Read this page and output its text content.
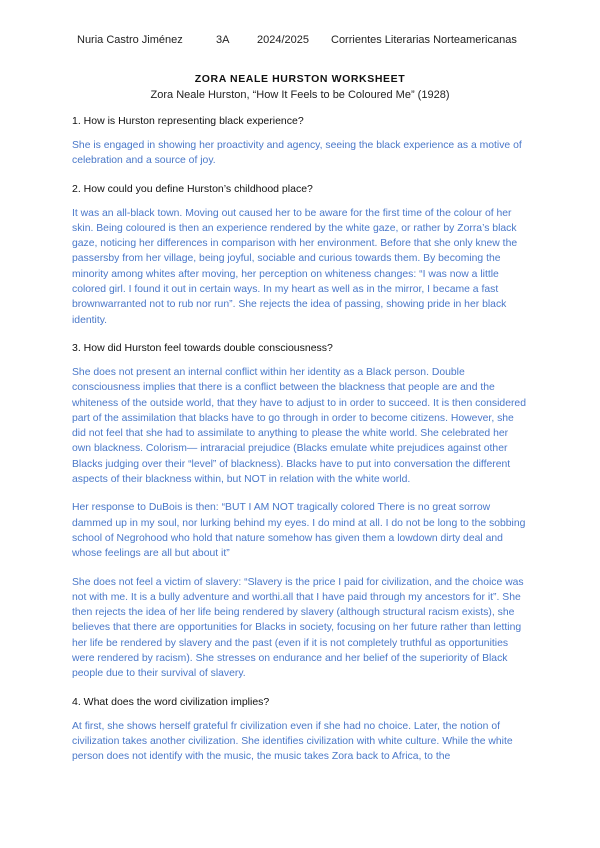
Nuria Castro Jiménez	3A	2024/2025 Corrientes Literarias Norteamericanas
ZORA NEALE HURSTON WORKSHEET
Zora Neale Hurston, “How It Feels to be Coloured Me” (1928)

1. How is Hurston representing black experience?

She is engaged in showing her proactivity and agency, seeing the black experience as a motive of celebration and a source of joy.

2. How could you define Hurston’s childhood place?

It was an all-black town. Moving out caused her to be aware for the first time of the colour of her skin. Being coloured is then an experience rendered by the white gaze, or rather by Zorra’s black gaze, noticing her differences in comparison with her environment. Before that she only knew the passersby from her village, being joyful, sociable and curious towards them. By becoming the minority among whites after moving, her perception on whiteness changes: “I was now a little colored girl. I found it out in certain ways. In my heart as well as in the mirror, I became a fast brownwarranted not to rub nor run”. She rejects the idea of passing, showing pride in her black identity.

3. How did Hurston feel towards double consciousness?

She does not present an internal conflict within her identity as a Black person. Double consciousness implies that there is a conflict between the blackness that people are and the whiteness of the outside world, that they have to adjust to in order to succeed. It is then considered part of the assimilation that blacks have to go through in order to become citizens. However, she did not feel that she had to assimilate to anything to please the white world. She celebrated her own blackness. Colorism— intraracial prejudice (Blacks emulate white prejudices against other Blacks judging over their “level” of blackness). Blacks have to put into conversation the different aspects of their blackness within, but NOT in relation with the white world.

Her response to DuBois is then: “BUT I AM NOT tragically colored There is no great sorrow dammed up in my soul, nor lurking behind my eyes. I do mind at all. I do not be long to the sobbing school of Negrohood who hold that nature somehow has given them a lowdown dirty deal and whose feelings are all but about it”

She does not feel a victim of slavery: “Slavery is the price I paid for civilization, and the choice was not with me. It is a bully adventure and worthi.all that I have paid through my ancestors for it”. She then rejects the idea of her life being rendered by slavery (although structural racism exists), she believes that there are opportunities for Blacks in society, focusing on her future rather than letting her life be rendered by slavery and the past (even if it is not completely truthful as opportunities were rendered by racism). She stresses on endurance and her belief of the superiority of Black people due to their survival of slavery.

4. What does the word civilization implies?

At first, she shows herself grateful fr civilization even if she had no choice. Later, the notion of civilization takes another civilization. She identifies civilization with white culture. While the white person does not identify with the music, the music takes Zora back to Africa, to the
